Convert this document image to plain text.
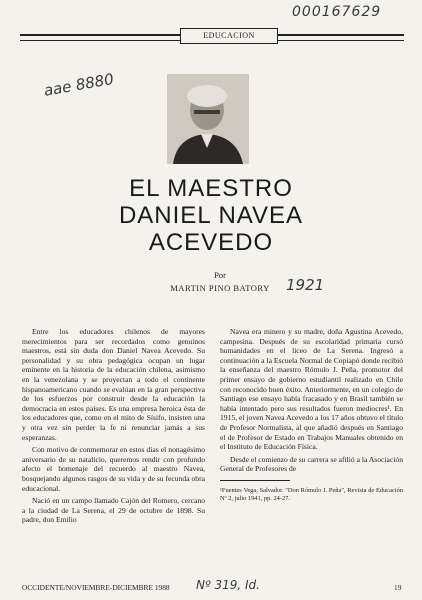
000167629
EDUCACION
aae 8880
EL MAESTRO
DANIEL NAVEA
ACEVEDO
Por
MARTIN PINO BATORY	1921

Entre los educadores chilenos de mayores merecimientos para ser recordados como genuinos maestros, está sin duda don Daniel Navea Acevedo. Su personalidad y su obra pedagógica ocupan un lugar eminente en la historia de la educación chilena, asimismo en la venezolana y se proyectan a todo el continente hispanoamericano cuando se evalúan en la gran perspectiva de los esfuerzos por construir desde la educación la democracia en estos países. Es una empresa heroica ésta de los educadores que, como en el mito de Sísifo, insisten una y otra vez sin perder la fe ni renunciar jamás a sus esperanzas.

Con motivo de conmemorar en estos días el nonagésimo aniversario de su natalicio, queremos rendir con profundo afecto el homenaje del recuerdo al maestro Navea, bosquejando algunos rasgos de su vida y de su fecunda obra educacional.

Nació en un campo llamado Cajón del Romero, cercano a la ciudad de La Serena, el 29 de octubre de 1898. Su padre, don Emilio

Navea era minero y su madre, doña Agustina Acevedo, campesina. Después de su escolaridad primaria cursó humanidades en el liceo de La Serena. Ingresó a continuación a la Escuela Normal de Copiapó donde recibió la enseñanza del maestro Rómulo J. Peña, promotor del primer ensayo de gobierno estudiantil realizado en Chile con reconocido buen éxito. Anteriormente, en un colegio de Santiago ese ensayo había fracasado y en Brasil también se había intentado pero sus resultados fueron mediocres¹. En 1915, el joven Navea Acevedo a los 17 años obtuvo el título de Profesor Normalista, al que añadió después en Santiago el de Profesor de Estado en Trabajos Manuales obtenido en el Instituto de Educación Física.

Desde el comienzo de su carrera se afilió a la Asociación General de Profesores de

¹Fuentes Vega, Salvador. "Don Rómulo J. Peña", Revista de Educación Nº 2, julio 1941, pp. 24-27.
OCCIDENTE/NOVIEMBRE-DICIEMBRE 1988 Nº 319, Id.	19
